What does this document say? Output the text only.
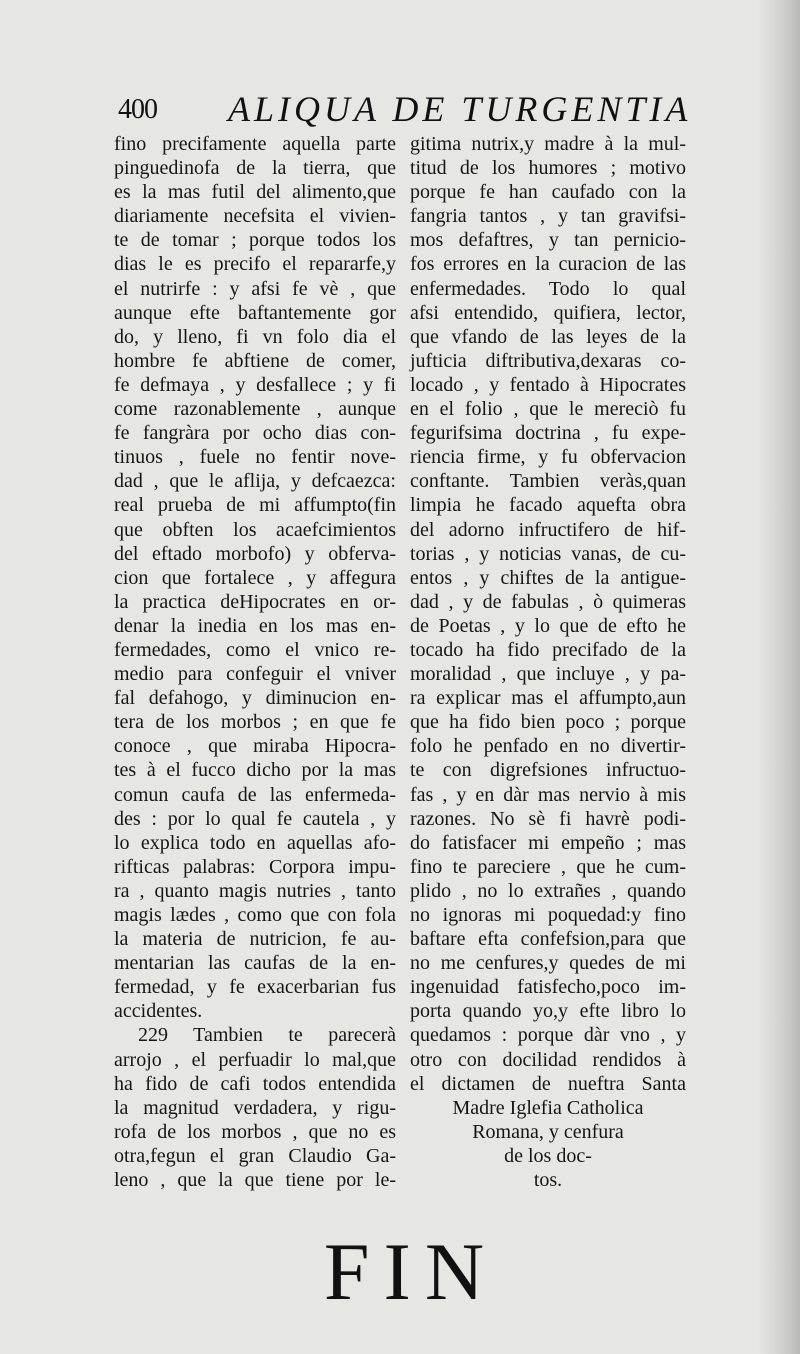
400 ALIQUA DE TURGENTIA
fino precifamente aquella parte
pinguedinofa de la tierra, que
es la mas futil del alimento,que
diariamente necefsita el vivien-
te de tomar ; porque todos los
dias le es precifo el repararfe,y
el nutrirfe : y afsi fe vè , que
aunque efte baftantemente gor
do, y lleno, fi vn folo dia el
hombre fe abftiene de comer,
fe defmaya , y desfallece ; y fi
come razonablemente , aunque
fe fangràra por ocho dias con-
tinuos , fuele no fentir nove-
dad , que le aflija, y defcaezca:
real prueba de mi affumpto(fin
que obften los acaefcimientos
del eftado morbofo) y obferva-
cion que fortalece , y affegura
la practica deHipocrates en or-
denar la inedia en los mas en-
fermedades, como el vnico re-
medio para confeguir el vniver
fal defahogo, y diminucion en-
tera de los morbos ; en que fe
conoce , que miraba Hipocra-
tes à el fucco dicho por la mas
comun caufa de las enfermeda-
des : por lo qual fe cautela , y
lo explica todo en aquellas afo-
rifticas palabras: Corpora impu-
ra , quanto magis nutries , tanto
magis lædes , como que con fola
la materia de nutricion, fe au-
mentarian las caufas de la en-
fermedad, y fe exacerbarian fus
accidentes.
229 Tambien te parecerà
arrojo , el perfuadir lo mal,que
ha fido de cafi todos entendida
la magnitud verdadera, y rigu-
rofa de los morbos , que no es
otra,fegun el gran Claudio Ga-
leno , que la que tiene por le-
gitima nutrix,y madre à la mul-
titud de los humores ; motivo
porque fe han caufado con la
fangria tantos , y tan gravifsi-
mos defaftres, y tan pernicio-
fos errores en la curacion de las
enfermedades. Todo lo qual
afsi entendido, quifiera, lector,
que vfando de las leyes de la
jufticia diftributiva,dexaras co-
locado , y fentado à Hipocrates
en el folio , que le mereciò fu
fegurifsima doctrina , fu expe-
riencia firme, y fu obfervacion
conftante. Tambien veràs,quan
limpia he facado aquefta obra
del adorno infructifero de hif-
torias , y noticias vanas, de cu-
entos , y chiftes de la antigue-
dad , y de fabulas , ò quimeras
de Poetas , y lo que de efto he
tocado ha fido precifado de la
moralidad , que incluye , y pa-
ra explicar mas el affumpto,aun
que ha fido bien poco ; porque
folo he penfado en no divertir-
te con digrefsiones infructuo-
fas , y en dàr mas nervio à mis
razones. No sè fi havrè podi-
do fatisfacer mi empeño ; mas
fino te pareciere , que he cum-
plido , no lo extrañes , quando
no ignoras mi poquedad:y fino
baftare efta confefsion,para que
no me cenfures,y quedes de mi
ingenuidad fatisfecho,poco im-
porta quando yo,y efte libro lo
quedamos : porque dàr vno , y
otro con docilidad rendidos à
el dictamen de nueftra Santa
Madre Iglefia Catholica
Romana, y cenfura
de los doc-
tos.
FIN
